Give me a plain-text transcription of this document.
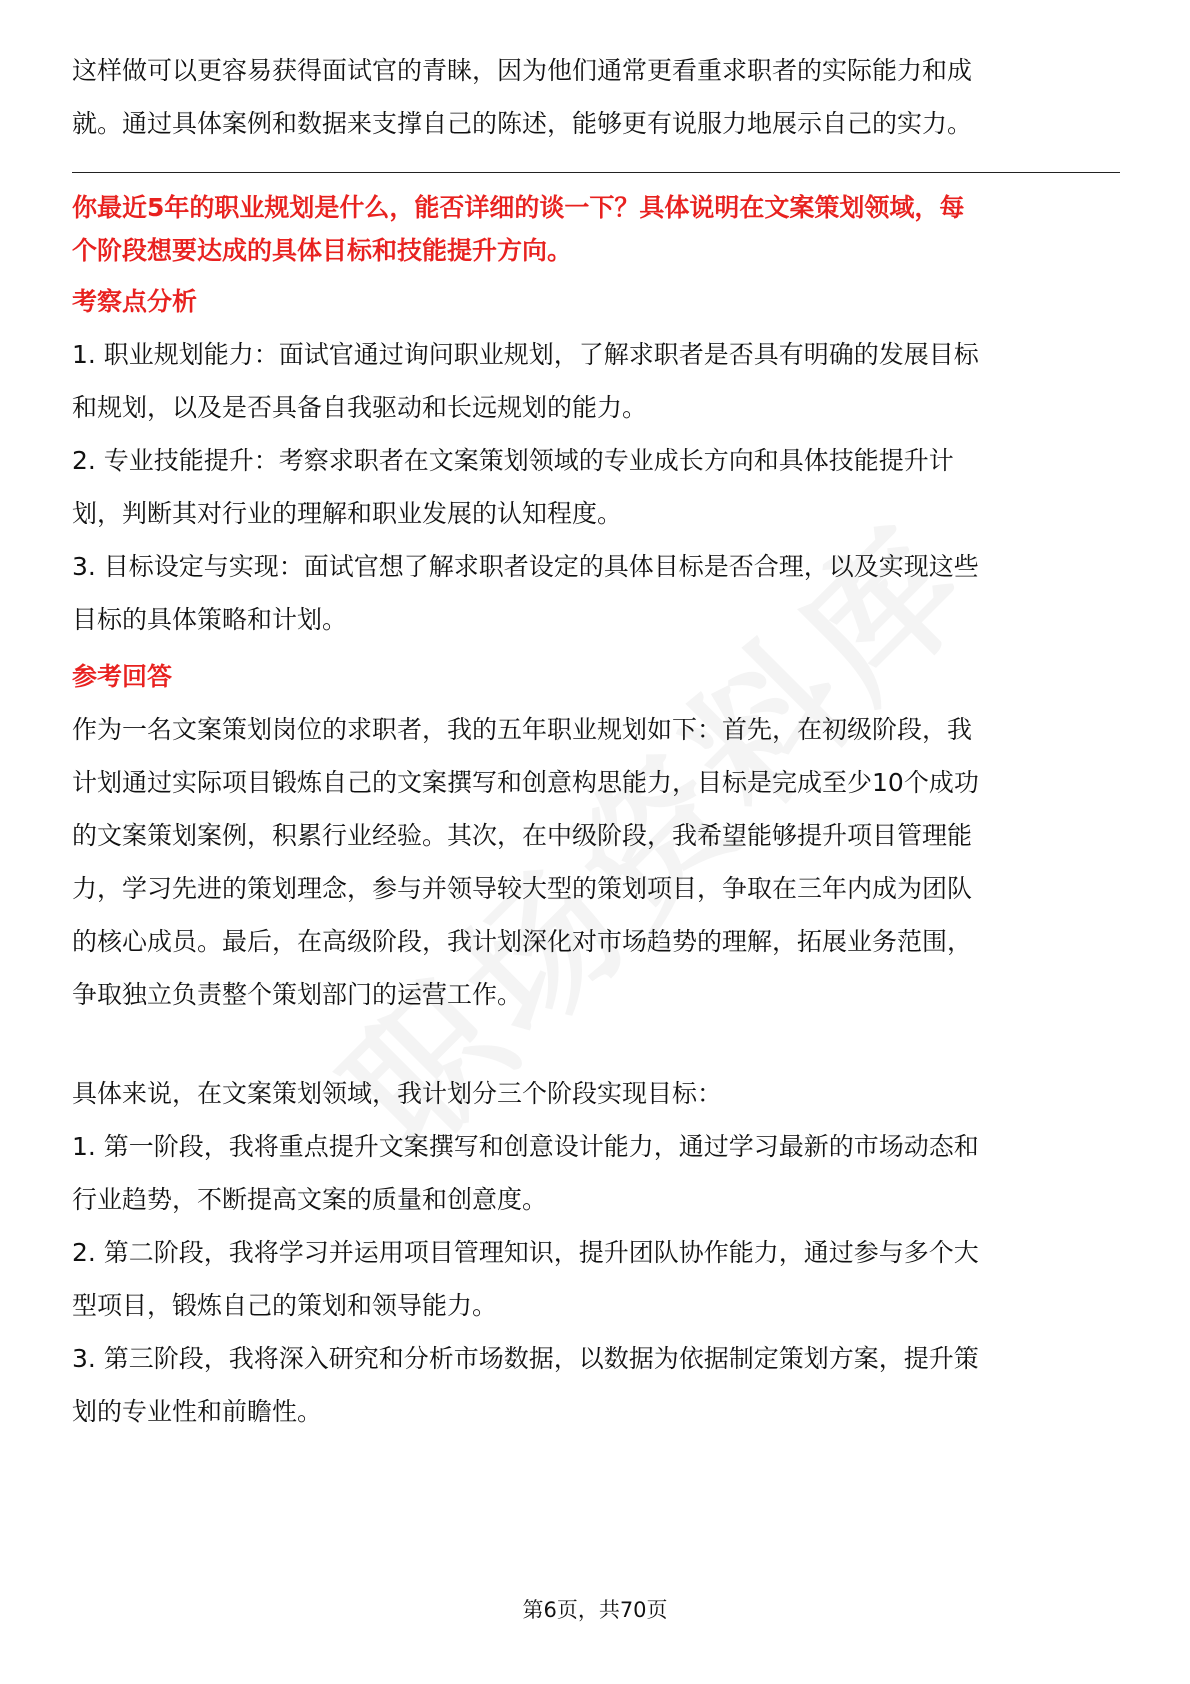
这样做可以更容易获得面试官的青睐，因为他们通常更看重求职者的实际能力和成

就。通过具体案例和数据来支撑自己的陈述，能够更有说服力地展示自己的实力。

你最近5年的职业规划是什么，能否详细的谈一下？具体说明在文案策划领域，每

个阶段想要达成的具体目标和技能提升方向。

考察点分析

1. 职业规划能力：面试官通过询问职业规划，了解求职者是否具有明确的发展目标

和规划，以及是否具备自我驱动和长远规划的能力。

2. 专业技能提升：考察求职者在文案策划领域的专业成长方向和具体技能提升计

划，判断其对行业的理解和职业发展的认知程度。

3. 目标设定与实现：面试官想了解求职者设定的具体目标是否合理，以及实现这些

目标的具体策略和计划。

参考回答

作为一名文案策划岗位的求职者，我的五年职业规划如下：首先，在初级阶段，我

计划通过实际项目锻炼自己的文案撰写和创意构思能力，目标是完成至少10个成功

的文案策划案例，积累行业经验。其次，在中级阶段，我希望能够提升项目管理能

力，学习先进的策划理念，参与并领导较大型的策划项目，争取在三年内成为团队

的核心成员。最后，在高级阶段，我计划深化对市场趋势的理解，拓展业务范围，

争取独立负责整个策划部门的运营工作。

具体来说，在文案策划领域，我计划分三个阶段实现目标：

1. 第一阶段，我将重点提升文案撰写和创意设计能力，通过学习最新的市场动态和

行业趋势，不断提高文案的质量和创意度。

2. 第二阶段，我将学习并运用项目管理知识，提升团队协作能力，通过参与多个大

型项目，锻炼自己的策划和领导能力。

3. 第三阶段，我将深入研究和分析市场数据，以数据为依据制定策划方案，提升策

划的专业性和前瞻性。

第6页，共70页
